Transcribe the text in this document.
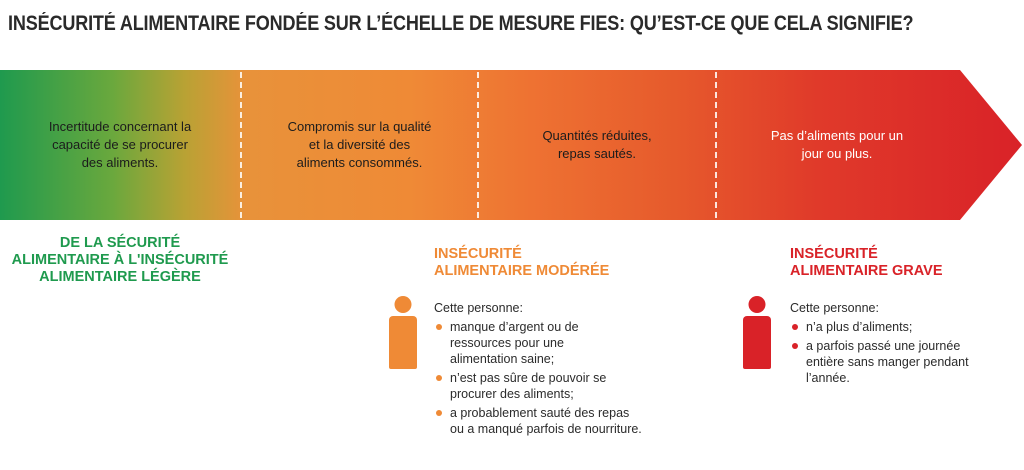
INSÉCURITÉ ALIMENTAIRE FONDÉE SUR L’ÉCHELLE DE MESURE FIES: QU’EST-CE QUE CELA SIGNIFIE?
Incertitude concernant la
capacité de se procurer
des aliments.
Compromis sur la qualité
et la diversité des
aliments consommés.
Quantités réduites,
repas sautés.
Pas d’aliments pour un
jour ou plus.
DE LA SÉCURITÉ
ALIMENTAIRE À L'INSÉCURITÉ
ALIMENTAIRE LÉGÈRE
INSÉCURITÉ
ALIMENTAIRE MODÉRÉE
Cette personne:
manque d’argent ou de
ressources pour une
alimentation saine;
n’est pas sûre de pouvoir se
procurer des aliments;
a probablement sauté des repas
ou a manqué parfois de nourriture.
INSÉCURITÉ
ALIMENTAIRE GRAVE
Cette personne:
n’a plus d’aliments;
a parfois passé une journée
entière sans manger pendant
l’année.
